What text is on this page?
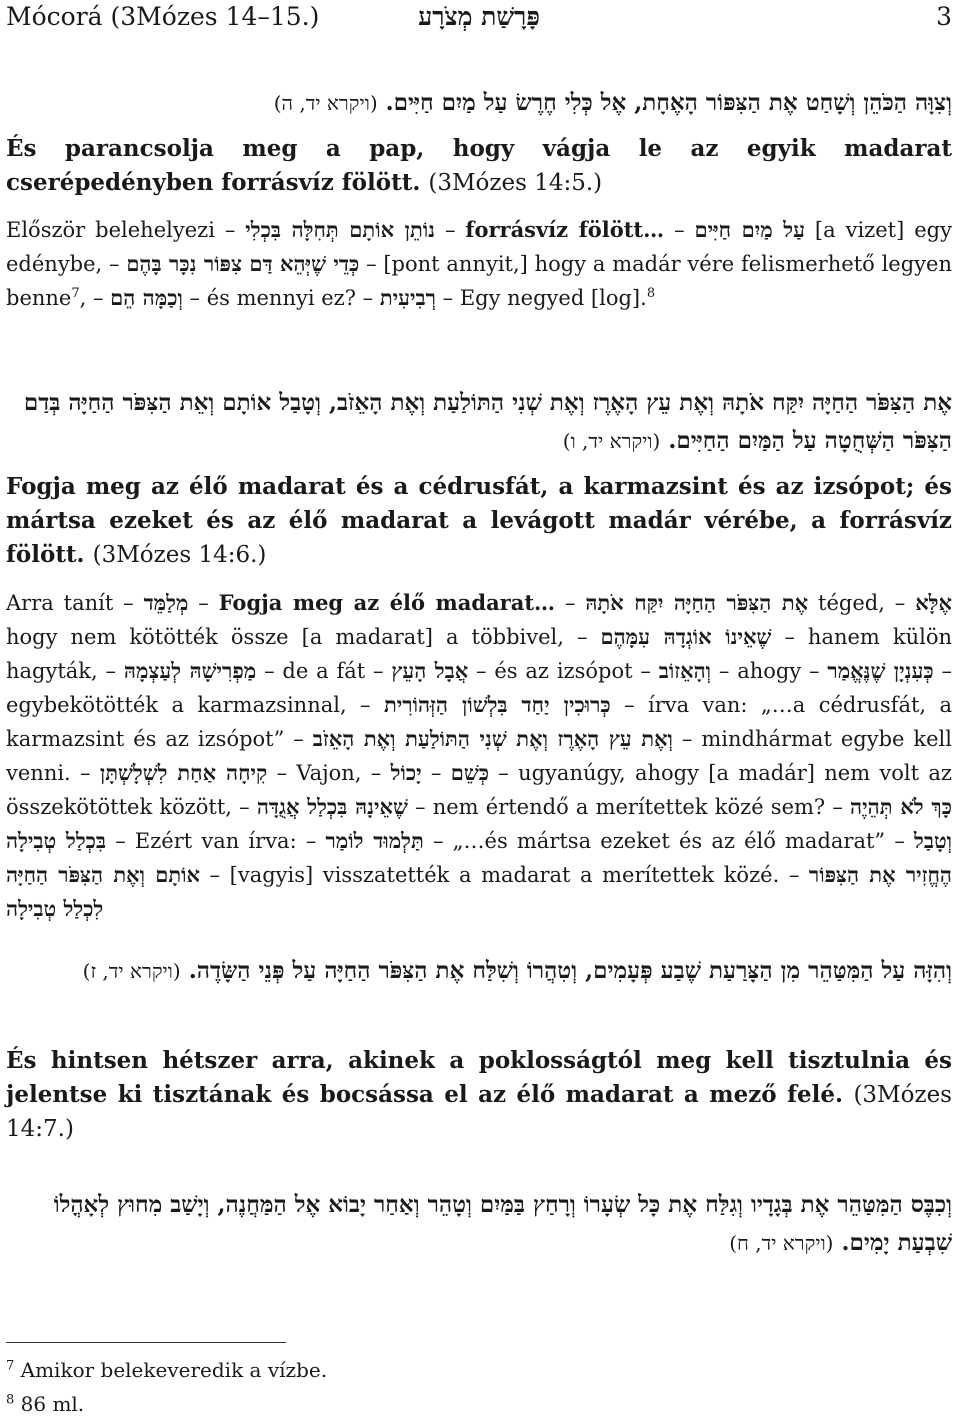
Mócorá (3Mózes 14–15.)	פָּרָשַׁת מְצֹרָע	3
וְצִוָּה הַכֹּהֵן וְשָׁחַט אֶת הַצִּפּוֹר הָאֶחָת, אֶל כְּלִי חֶרֶשׂ עַל מַיִם חַיִּים. (ויקרא יד, ה)
És parancsolja meg a pap, hogy vágja le az egyik madarat cserépedényben forrásvíz fölött. (3Mózes 14:5.)
Először belehelyezi – נוֹתֵן אוֹתָם תְּחִלָּה בִּכְלִי – forrásvíz fölött… – עַל מַיִם חַיִּים [a vizet] egy edénybe, – כְּדֵי שֶׁיְּהֵא דַּם צִפּוֹר נִכָּר בָּהֶם – [pont annyit,] hogy a madár vére felismerhető legyen benne$^7$, – וְכַמָּה הֵם – és mennyi ez? – רְבִיעִית – Egy negyed [log].$^8$
אֶת הַצִּפֹּר הַחַיָּה יִקַּח אֹתָהּ וְאֶת עֵץ הָאֶרֶז וְאֶת שְׁנִי הַתּוֹלַעַת וְאֶת הָאֵזֹב, וְטָבַל אוֹתָם וְאֵת הַצִּפֹּר הַחַיָּה בְּדַם הַצִּפֹּר הַשְּׁחֻטָה עַל הַמַּיִם הַחַיִּים. (ויקרא יד, ו)
Fogja meg az élő madarat és a cédrusfát, a karmazsint és az izsópot; és mártsa ezeket és az élő madarat a levágott madár vérébe, a forrásvíz fölött. (3Mózes 14:6.)
Arra tanít – מְלַמֵּד – Fogja meg az élő madarat… – אֶת הַצִּפֹּר הַחַיָּה יִקַּח אֹתָהּ téged, – אֶלָּא hogy nem kötötték össze [a madarat] a többivel, – שֶׁאֵינוֹ אוֹגְדָהּ עִמָּהֶם – hanem külön hagyták, – מַפְרִישָׁהּ לְעַצְמָהּ – de a fát – אֲבָל הָעֵץ – és az izsópot – וְהָאֵזוֹב – ahogy – כְּעִנְיָן שֶׁנֶּאֱמַר – egybekötötték a karmazsinnal, – כְּרוּכִין יַחַד בִּלְשׁוֹן הַזְּהוֹרִית – írva van: „…a cédrusfát, a karmazsint és az izsópot” – וְאֶת עֵץ הָאֶרֶז וְאֶת שְׁנִי הַתּוֹלַעַת וְאֶת הָאֵזֹב – mindhármat egybe kell venni. – קִיחָה אַחַת לִשְׁלָשְׁתָּן – Vajon, – יָכוֹל – כְּשֵׁם – ugyanúgy, ahogy [a madár] nem volt az összekötöttek között, – שֶׁאֵינָהּ בִּכְלַל אֲגֻדָּה – nem értendő a merítettek közé sem? – כָּךְ לֹא תְּהֵיֶה בִּכְלַל טְבִילָה – Ezért van írva: – תַּלְמוּד לוֹמַר – „…és mártsa ezeket és az élő madarat” – וְטָבַל אוֹתָם וְאֶת הַצִּפֹּר הַחַיָּה – [vagyis] visszatették a madarat a merítettek közé. – הֶחֱזִיר אֶת הַצִּפּוֹר לִכְלַל טְבִילָה
וְהִזָּה עַל הַמִּטַּהֵר מִן הַצָּרַעַת שֶׁבַע פְּעָמִים, וְטִהֲרוֹ וְשִׁלַּח אֶת הַצִּפֹּר הַחַיָּה עַל פְּנֵי הַשָּׂדֶה. (ויקרא יד, ז)
És hintsen hétszer arra, akinek a poklosságtól meg kell tisztulnia és jelentse ki tisztának és bocsássa el az élő madarat a mező felé. (3Mózes 14:7.)
וְכִבֶּס הַמִּטַּהֵר אֶת בְּגָדָיו וְגִלַּח אֶת כָּל שְׂעָרוֹ וְרָחַץ בַּמַּיִם וְטָהֵר וְאַחַר יָבוֹא אֶל הַמַּחֲנֶה, וְיָשַׁב מִחוּץ לְאָהֳלוֹ שִׁבְעַת יָמִים. (ויקרא יד, ח)
$^7$ Amikor belekeveredik a vízbe.
$^8$ 86 ml.
